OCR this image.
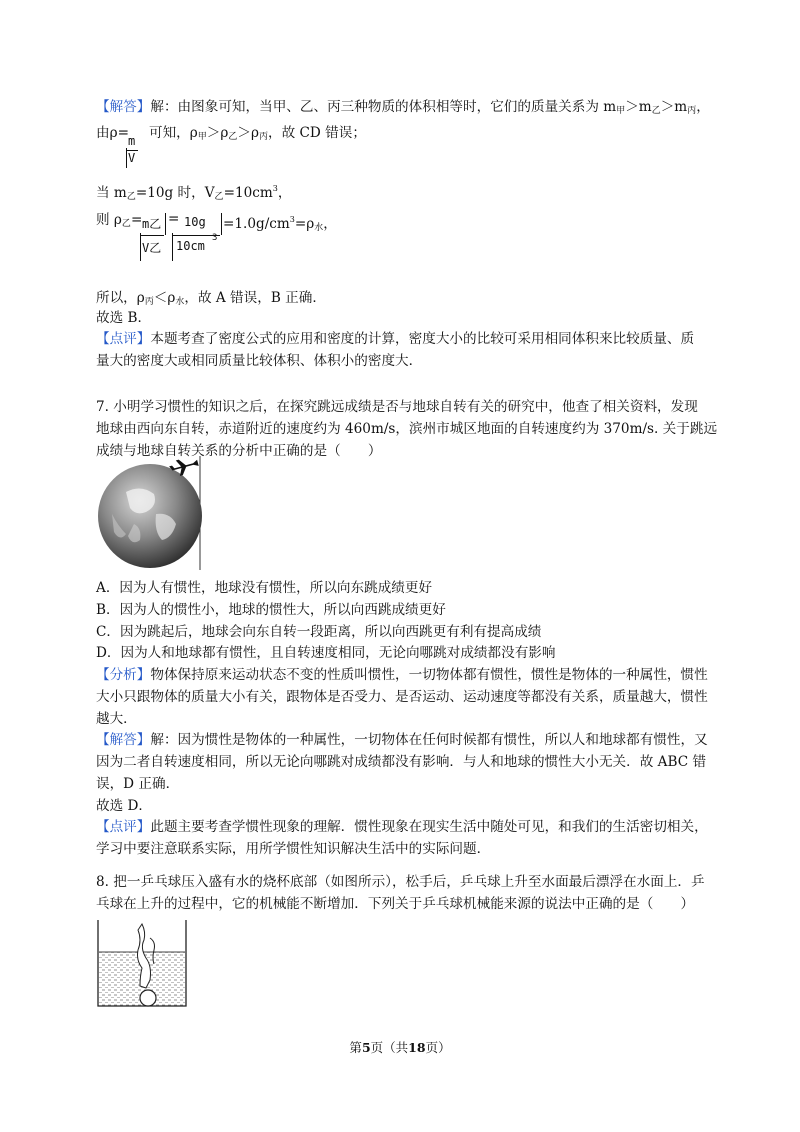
【解答】解：由图象可知，当甲、乙、丙三种物质的体积相等时，它们的质量关系为 $m_甲>m_乙>m_丙$，
由ρ= 可知，$\rho_甲>\rho_乙>\rho_丙$，故 CD 错误；
m
V
当 $m_乙=10g$ 时，$V_乙=10cm^3$，
则 $\rho_乙= m$乙
V乙
= 10g
10cm
3
$=1.0g/cm^3=\rho_水$，
所以，$\rho_丙<\rho_水$，故 A 错误，B 正确．
故选 B．
【点评】本题考查了密度公式的应用和密度的计算，密度大小的比较可采用相同体积来比较质量、质
量大的密度大或相同质量比较体积、体积小的密度大．
7. 小明学习惯性的知识之后，在探究跳远成绩是否与地球自转有关的研究中，他查了相关资料，发现
地球由西向东自转，赤道附近的速度约为 460m/s，滨州市城区地面的自转速度约为 370m/s. 关于跳远
成绩与地球自转关系的分析中正确的是（　　）
A．因为人有惯性，地球没有惯性，所以向东跳成绩更好
B．因为人的惯性小，地球的惯性大，所以向西跳成绩更好
C．因为跳起后，地球会向东自转一段距离，所以向西跳更有利有提高成绩
D．因为人和地球都有惯性，且自转速度相同，无论向哪跳对成绩都没有影响
【分析】物体保持原来运动状态不变的性质叫惯性，一切物体都有惯性，惯性是物体的一种属性，惯性
大小只跟物体的质量大小有关，跟物体是否受力、是否运动、运动速度等都没有关系，质量越大，惯性
越大．
【解答】解：因为惯性是物体的一种属性，一切物体在任何时候都有惯性，所以人和地球都有惯性，又
因为二者自转速度相同，所以无论向哪跳对成绩都没有影响．与人和地球的惯性大小无关．故 ABC 错
误，D 正确．
故选 D．
【点评】此题主要考查学惯性现象的理解．惯性现象在现实生活中随处可见，和我们的生活密切相关，
学习中要注意联系实际，用所学惯性知识解决生活中的实际问题．
8. 把一乒乓球压入盛有水的烧杯底部（如图所示），松手后，乒乓球上升至水面最后漂浮在水面上．乒
乓球在上升的过程中，它的机械能不断增加．下列关于乒乓球机械能来源的说法中正确的是（　　）
第5页（共18页）
